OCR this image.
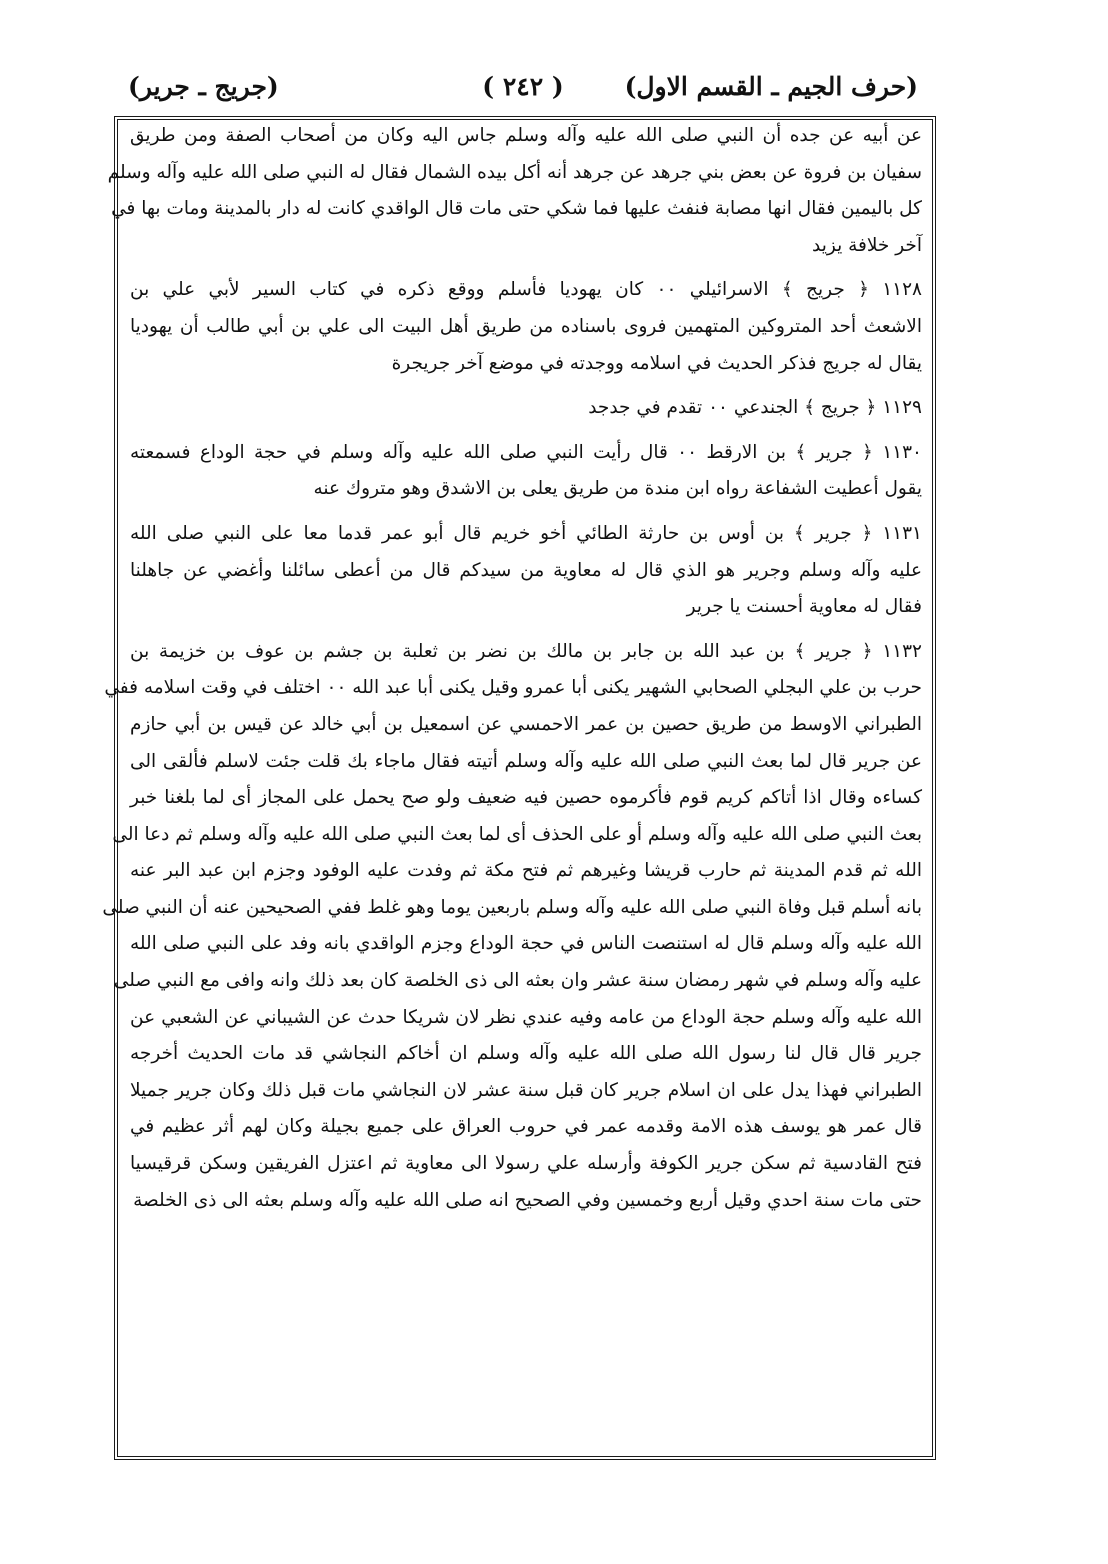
(حرف الجيم ـ القسم الاول)
( ٢٤٢ )
(جريج ـ جرير)
عن أبيه عن جده أن النبي صلى الله عليه وآله وسلم جاس اليه وكان من أصحاب الصفة ومن طريق
سفيان بن فروة عن بعض بني جرهد عن جرهد أنه أكل بيده الشمال فقال له النبي صلى الله عليه وآله وسلم
كل باليمين فقال انها مصابة فنفث عليها فما شكي حتى مات قال الواقدي كانت له دار بالمدينة ومات بها في
آخر خلافة يزيد
١١٢٨ ﴿ جريج ﴾ الاسرائيلي ٠٠ كان يهوديا فأسلم ووقع ذكره في كتاب السير لأبي علي بن
الاشعث أحد المتروكين المتهمين فروى باسناده من طريق أهل البيت الى علي بن أبي طالب أن يهوديا
يقال له جريج فذكر الحديث في اسلامه ووجدته في موضع آخر جريجرة
١١٢٩ ﴿ جريج ﴾ الجندعي ٠٠ تقدم في جدجد
١١٣٠ ﴿ جرير ﴾ بن الارقط ٠٠ قال رأيت النبي صلى الله عليه وآله وسلم في حجة الوداع فسمعته
يقول أعطيت الشفاعة رواه ابن مندة من طريق يعلى بن الاشدق وهو متروك عنه
١١٣١ ﴿ جرير ﴾ بن أوس بن حارثة الطائي أخو خريم قال أبو عمر قدما معا على النبي صلى الله
عليه وآله وسلم وجرير هو الذي قال له معاوية من سيدكم قال من أعطى سائلنا وأغضي عن جاهلنا
فقال له معاوية أحسنت يا جرير
١١٣٢ ﴿ جرير ﴾ بن عبد الله بن جابر بن مالك بن نضر بن ثعلبة بن جشم بن عوف بن خزيمة بن
حرب بن علي البجلي الصحابي الشهير يكنى أبا عمرو وقيل يكنى أبا عبد الله ٠٠ اختلف في وقت اسلامه ففي
الطبراني الاوسط من طريق حصين بن عمر الاحمسي عن اسمعيل بن أبي خالد عن قيس بن أبي حازم
عن جرير قال لما بعث النبي صلى الله عليه وآله وسلم أتيته فقال ماجاء بك قلت جئت لاسلم فألقى الى
كساءه وقال اذا أتاكم كريم قوم فأكرموه حصين فيه ضعيف ولو صح يحمل على المجاز أى لما بلغنا خبر
بعث النبي صلى الله عليه وآله وسلم أو على الحذف أى لما بعث النبي صلى الله عليه وآله وسلم ثم دعا الى
الله ثم قدم المدينة ثم حارب قريشا وغيرهم ثم فتح مكة ثم وفدت عليه الوفود وجزم ابن عبد البر عنه
بانه أسلم قبل وفاة النبي صلى الله عليه وآله وسلم باربعين يوما وهو غلط ففي الصحيحين عنه أن النبي صلى
الله عليه وآله وسلم قال له استنصت الناس في حجة الوداع وجزم الواقدي بانه وفد على النبي صلى الله
عليه وآله وسلم في شهر رمضان سنة عشر وان بعثه الى ذى الخلصة كان بعد ذلك وانه وافى مع النبي صلى
الله عليه وآله وسلم حجة الوداع من عامه وفيه عندي نظر لان شريكا حدث عن الشيباني عن الشعبي عن
جرير قال قال لنا رسول الله صلى الله عليه وآله وسلم ان أخاكم النجاشي قد مات الحديث أخرجه
الطبراني فهذا يدل على ان اسلام جرير كان قبل سنة عشر لان النجاشي مات قبل ذلك وكان جرير جميلا
قال عمر هو يوسف هذه الامة وقدمه عمر في حروب العراق على جميع بجيلة وكان لهم أثر عظيم في
فتح القادسية ثم سكن جرير الكوفة وأرسله علي رسولا الى معاوية ثم اعتزل الفريقين وسكن قرقيسيا
حتى مات سنة احدي وقيل أربع وخمسين وفي الصحيح انه صلى الله عليه وآله وسلم بعثه الى ذى الخلصة
